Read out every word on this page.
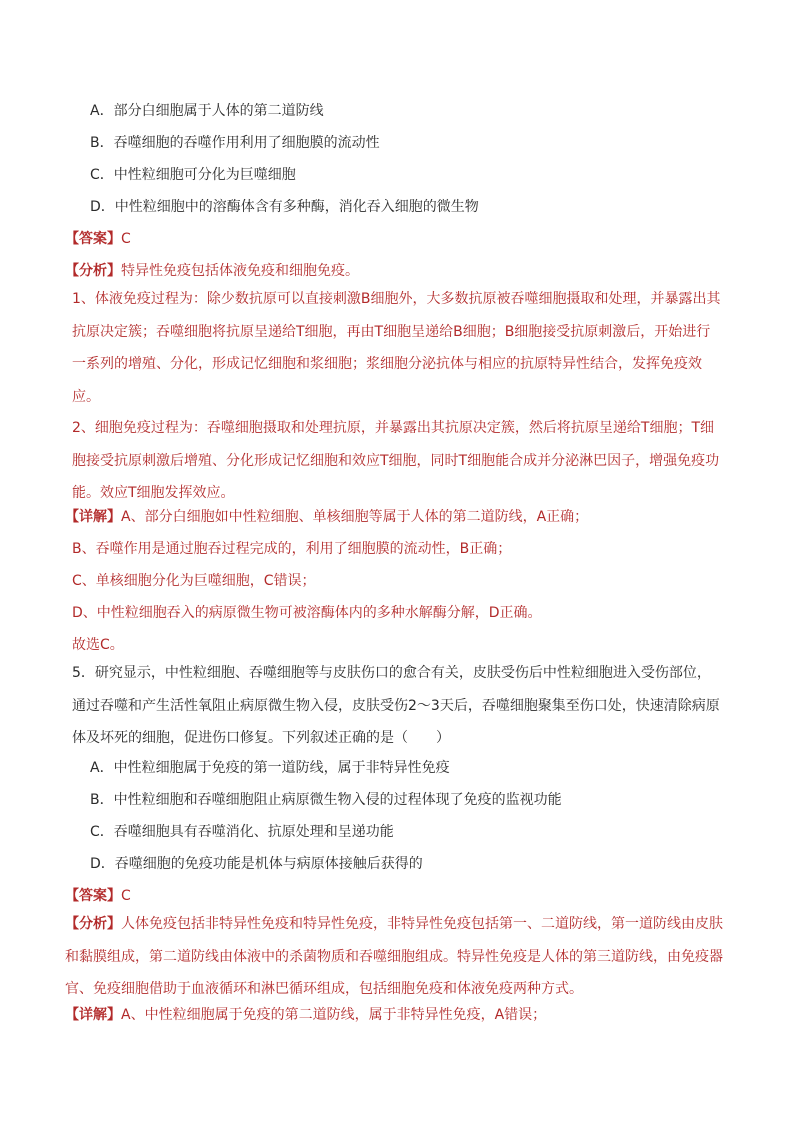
A．部分白细胞属于人体的第二道防线
B．吞噬细胞的吞噬作用利用了细胞膜的流动性
C．中性粒细胞可分化为巨噬细胞
D．中性粒细胞中的溶酶体含有多种酶，消化吞入细胞的微生物
【答案】C
【分析】特异性免疫包括体液免疫和细胞免疫。
1、体液免疫过程为：除少数抗原可以直接刺激B细胞外，大多数抗原被吞噬细胞摄取和处理，并暴露出其抗原决定簇；吞噬细胞将抗原呈递给T细胞，再由T细胞呈递给B细胞；B细胞接受抗原刺激后，开始进行一系列的增殖、分化，形成记忆细胞和浆细胞；浆细胞分泌抗体与相应的抗原特异性结合，发挥免疫效应。
2、细胞免疫过程为：吞噬细胞摄取和处理抗原，并暴露出其抗原决定簇，然后将抗原呈递给T细胞；T细胞接受抗原刺激后增殖、分化形成记忆细胞和效应T细胞，同时T细胞能合成并分泌淋巴因子，增强免疫功能。效应T细胞发挥效应。
【详解】A、部分白细胞如中性粒细胞、单核细胞等属于人体的第二道防线，A正确；
B、吞噬作用是通过胞吞过程完成的，利用了细胞膜的流动性，B正确；
C、单核细胞分化为巨噬细胞，C错误；
D、中性粒细胞吞入的病原微生物可被溶酶体内的多种水解酶分解，D正确。
故选C。
5．研究显示，中性粒细胞、吞噬细胞等与皮肤伤口的愈合有关，皮肤受伤后中性粒细胞进入受伤部位，通过吞噬和产生活性氧阻止病原微生物入侵，皮肤受伤2～3天后，吞噬细胞聚集至伤口处，快速清除病原体及坏死的细胞，促进伤口修复。下列叙述正确的是（　　）
A．中性粒细胞属于免疫的第一道防线，属于非特异性免疫
B．中性粒细胞和吞噬细胞阻止病原微生物入侵的过程体现了免疫的监视功能
C．吞噬细胞具有吞噬消化、抗原处理和呈递功能
D．吞噬细胞的免疫功能是机体与病原体接触后获得的
【答案】C
【分析】人体免疫包括非特异性免疫和特异性免疫，非特异性免疫包括第一、二道防线，第一道防线由皮肤和黏膜组成，第二道防线由体液中的杀菌物质和吞噬细胞组成。特异性免疫是人体的第三道防线，由免疫器官、免疫细胞借助于血液循环和淋巴循环组成，包括细胞免疫和体液免疫两种方式。
【详解】A、中性粒细胞属于免疫的第二道防线，属于非特异性免疫，A错误；
